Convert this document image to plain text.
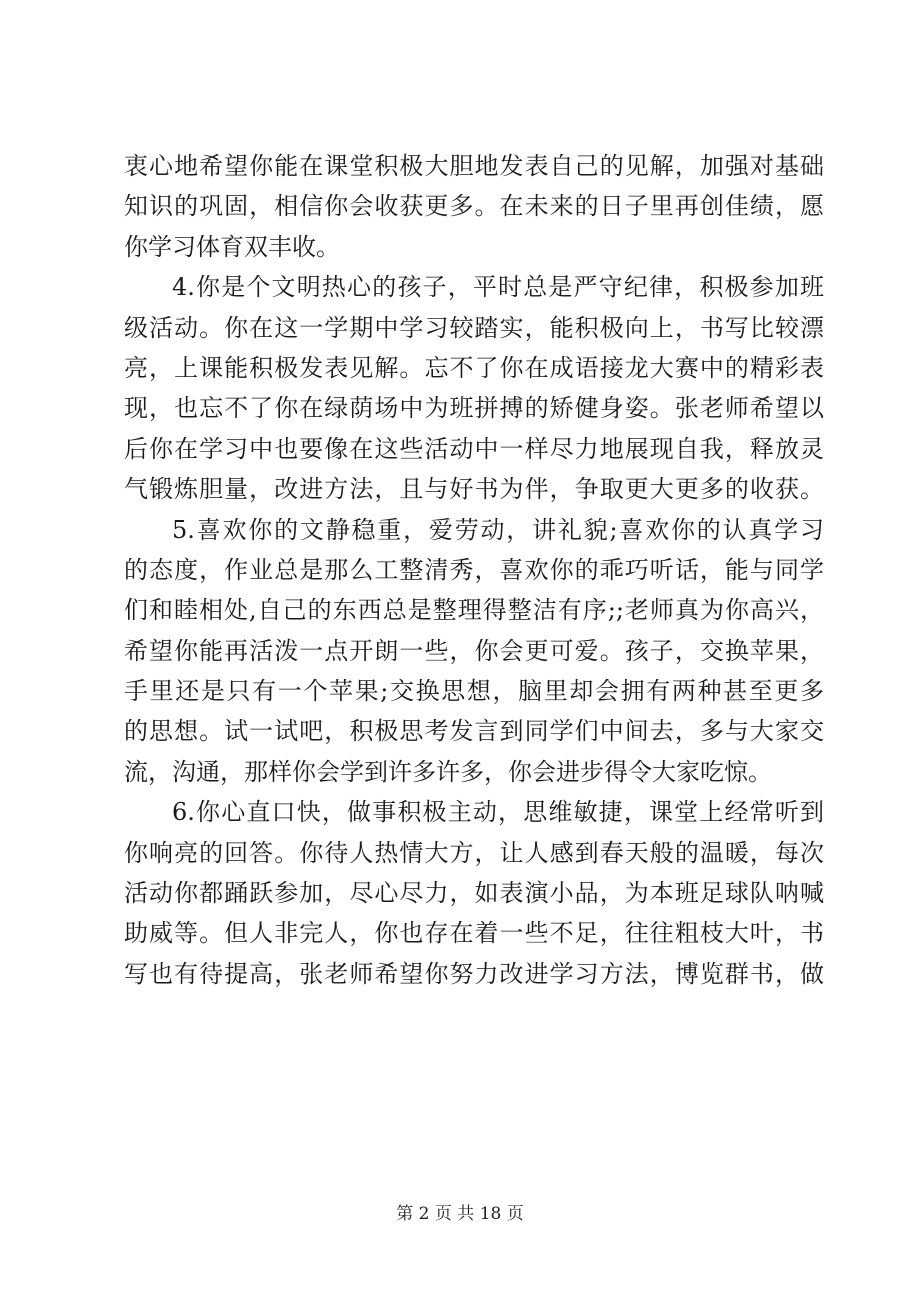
衷心地希望你能在课堂积极大胆地发表自己的见解，加强对基础
知识的巩固，相信你会收获更多。在未来的日子里再创佳绩，愿
你学习体育双丰收。
4.你是个文明热心的孩子，平时总是严守纪律，积极参加班
级活动。你在这一学期中学习较踏实，能积极向上，书写比较漂
亮，上课能积极发表见解。忘不了你在成语接龙大赛中的精彩表
现，也忘不了你在绿荫场中为班拼搏的矫健身姿。张老师希望以
后你在学习中也要像在这些活动中一样尽力地展现自我，释放灵
气锻炼胆量，改进方法，且与好书为伴，争取更大更多的收获。
5.喜欢你的文静稳重，爱劳动，讲礼貌;喜欢你的认真学习
的态度，作业总是那么工整清秀，喜欢你的乖巧听话，能与同学
们和睦相处,自己的东西总是整理得整洁有序;;老师真为你高兴，
希望你能再活泼一点开朗一些，你会更可爱。孩子，交换苹果，
手里还是只有一个苹果;交换思想，脑里却会拥有两种甚至更多
的思想。试一试吧，积极思考发言到同学们中间去，多与大家交
流，沟通，那样你会学到许多许多，你会进步得令大家吃惊。
6.你心直口快，做事积极主动，思维敏捷，课堂上经常听到
你响亮的回答。你待人热情大方，让人感到春天般的温暖，每次
活动你都踊跃参加，尽心尽力，如表演小品，为本班足球队呐喊
助威等。但人非完人，你也存在着一些不足，往往粗枝大叶，书
写也有待提高，张老师希望你努力改进学习方法，博览群书，做
第 2 页 共 18 页
